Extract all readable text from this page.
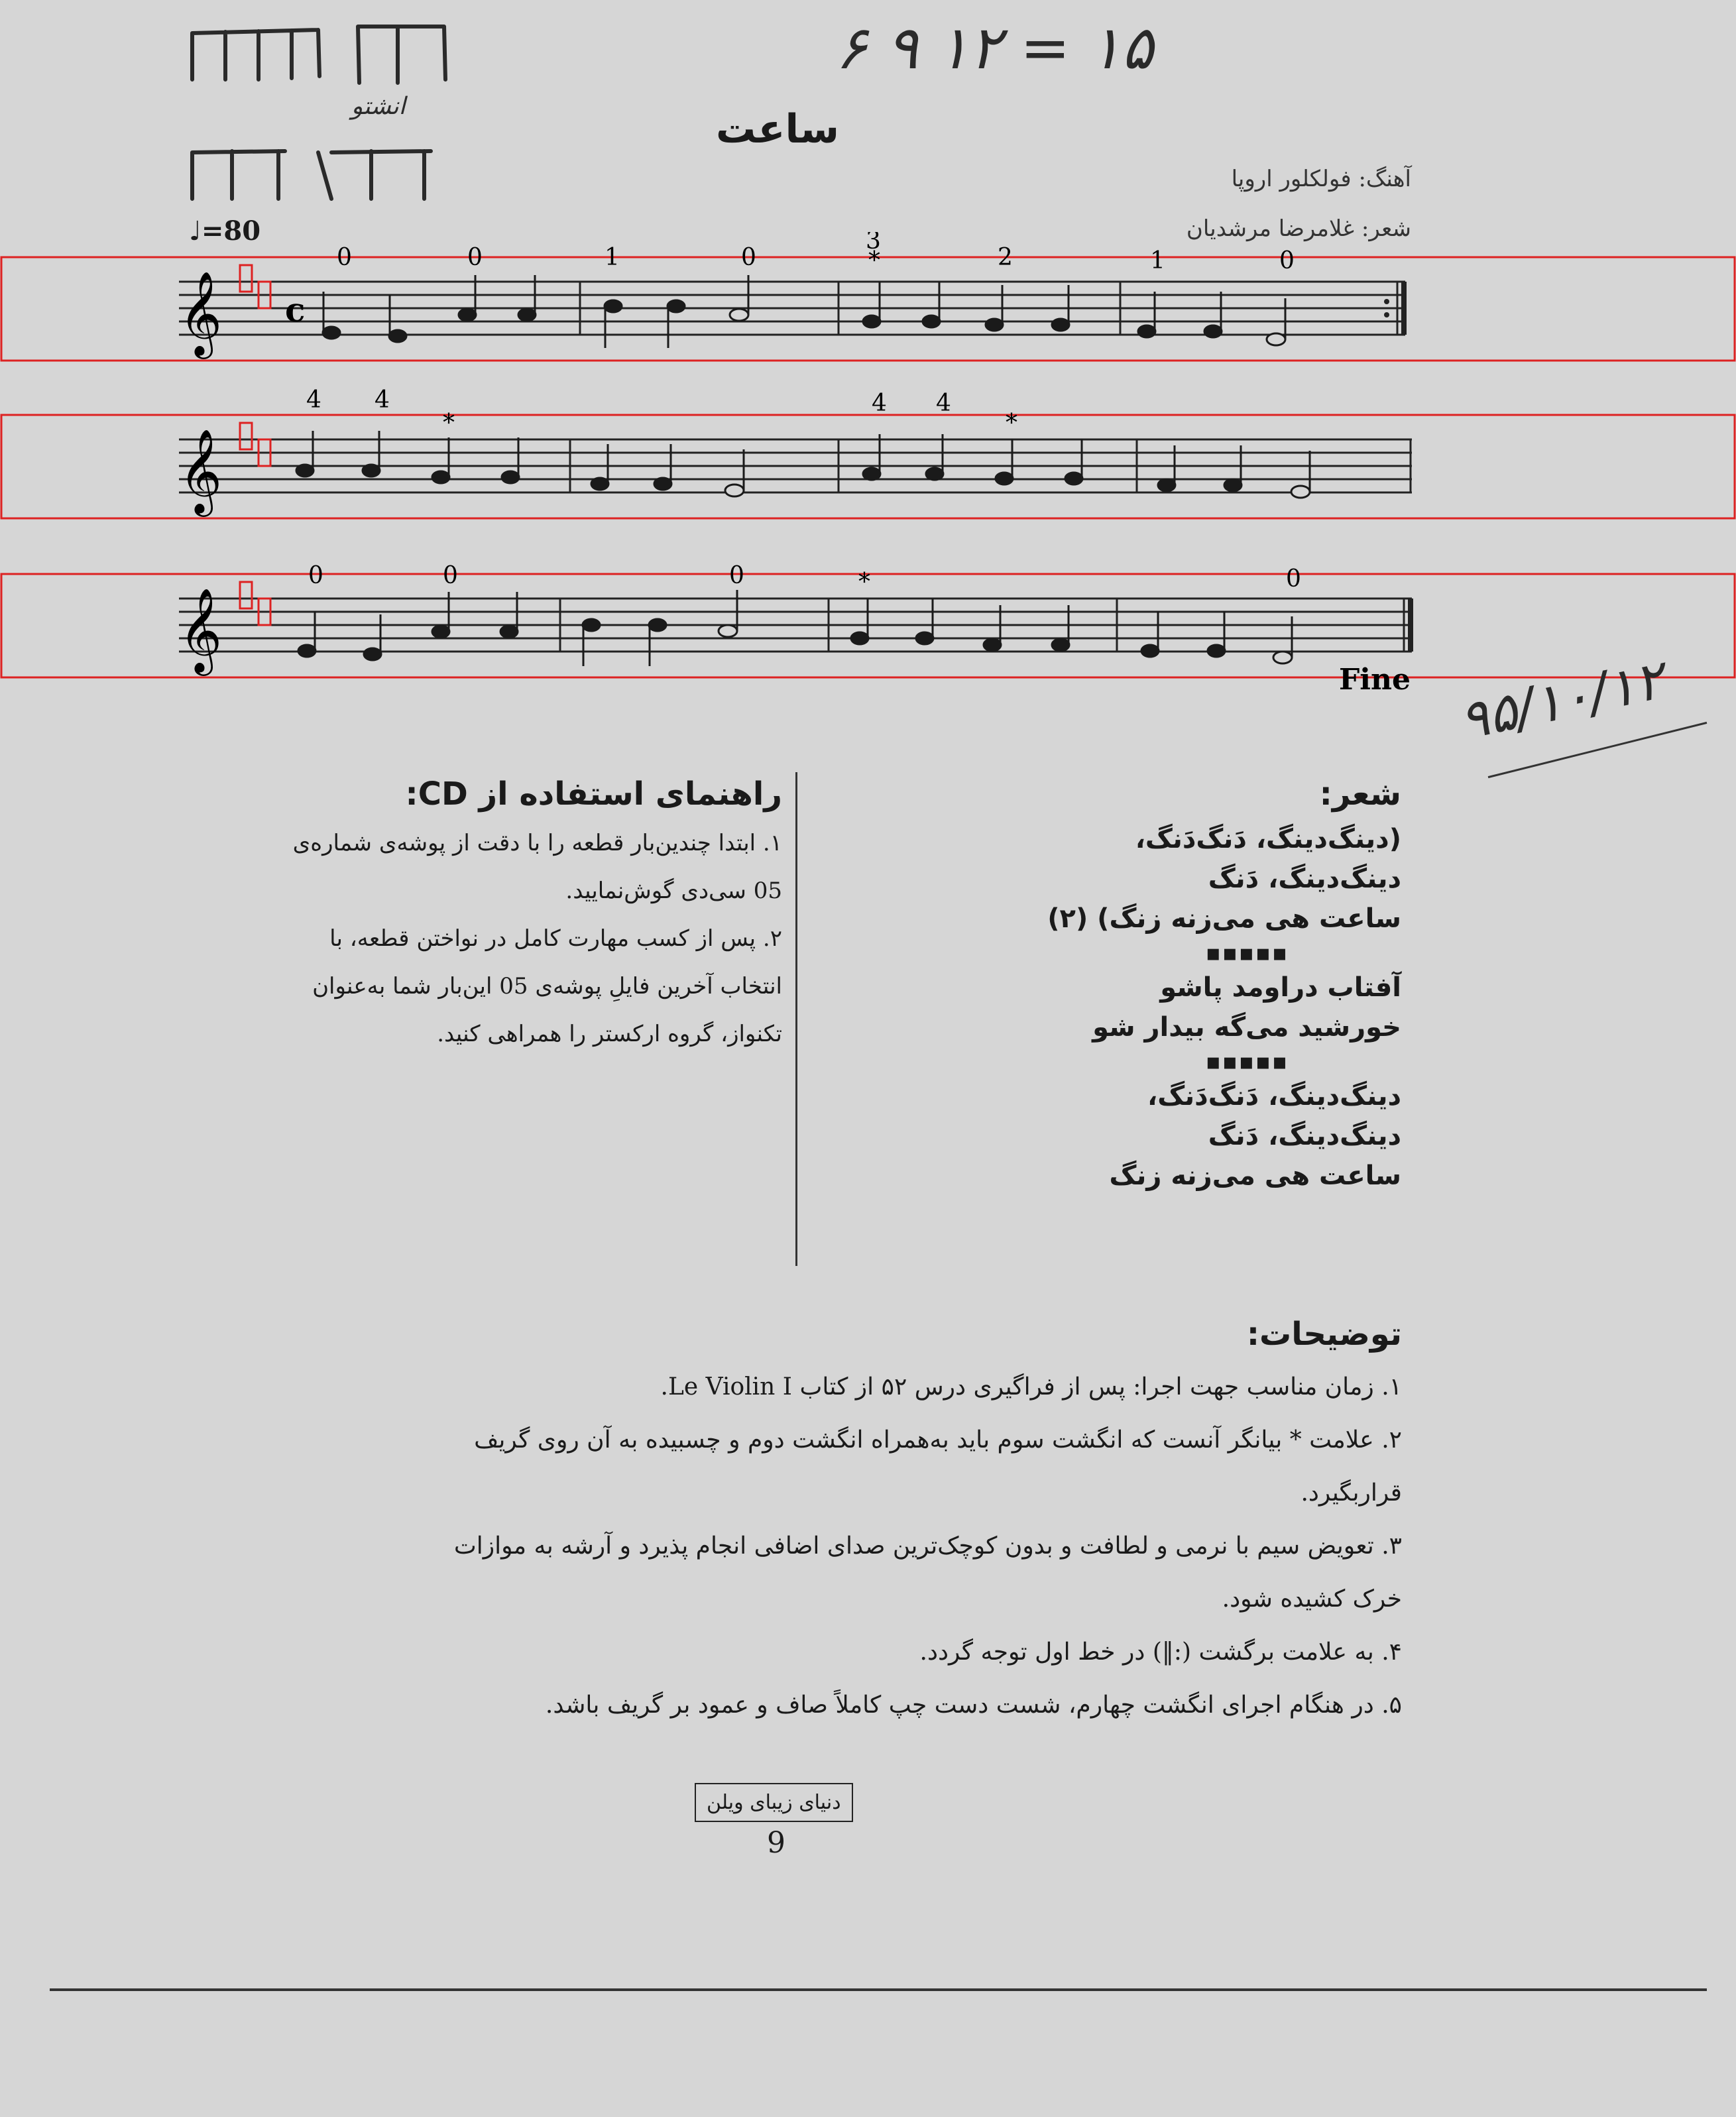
انشتو
۶ ۹ ۱۲ = ۱۵
ساعت
آهنگ: فولکلور اروپا
شعر: غلامرضا مرشدیان
♩=80
𝄞 c
0	0	1	0
3
*	2	1	0
𝄞
4 4
*
4 4
*
𝄞
0	0	0	*	0
Fine ۹۵/۱۰/۱۲
شعر:

(دینگ‌دینگ، دَنگ‌دَنگ،

دینگ‌دینگ، دَنگ

ساعت هی می‌زنه زنگ) (۲)

▪▪▪▪▪

آفتاب دراومد پاشو

خورشید می‌گه بیدار شو

▪▪▪▪▪

دینگ‌دینگ، دَنگ‌دَنگ،

دینگ‌دینگ، دَنگ

ساعت هی می‌زنه زنگ

راهنمای استفاده از CD:

۱. ابتدا چندین‌بار قطعه را با دقت از پوشه‌ی شماره‌ی

05 سی‌دی گوش‌نمایید.

۲. پس از کسب مهارت کامل در نواختن قطعه، با

انتخاب آخرین فایلِ پوشه‌ی 05 این‌بار شما به‌عنوان

تکنواز، گروه ارکستر را همراهی کنید.

توضیحات:

۱. زمان مناسب جهت اجرا: پس از فراگیری درس ۵۲ از کتاب Le Violin I.

۲. علامت * بیانگر آنست که انگشت سوم باید به‌همراه انگشت دوم و چسبیده به آن روی گریف

قراربگیرد.

۳. تعویض سیم با نرمی و لطافت و بدون کوچک‌ترین صدای اضافی انجام پذیرد و آرشه به موازات

خرک کشیده شود.

۴. به علامت برگشت (:‖) در خط اول توجه گردد.

۵. در هنگام اجرای انگشت چهارم، شست دست چپ کاملاً صاف و عمود بر گریف باشد.

دنیای زیبای ویلن
9
